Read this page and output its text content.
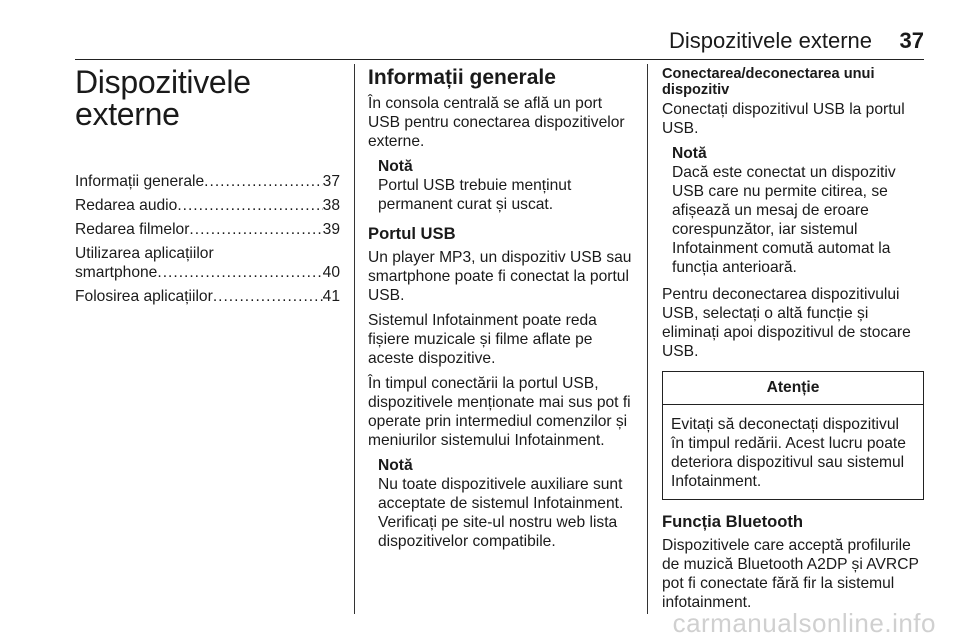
Dispozitivele externe 37
Dispozitivele
externe
Informații generale .....	37
Redarea audio .....	38
Redarea filmelor .....	39
Utilizarea aplicațiilor
smartphone .....	40
Folosirea aplicațiilor .....	41
Informații generale

În consola centrală se află un port USB pentru conectarea dispozitivelor externe.

Notă
Portul USB trebuie menținut permanent curat și uscat.
Portul USB

Un player MP3, un dispozitiv USB sau smartphone poate fi conectat la portul USB.

Sistemul Infotainment poate reda fișiere muzicale și filme aflate pe aceste dispozitive.

În timpul conectării la portul USB, dispozitivele menționate mai sus pot fi operate prin intermediul comenzilor și meniurilor sistemului Infotainment.

Notă
Nu toate dispozitivele auxiliare sunt acceptate de sistemul Infotainment. Verificați pe site-ul nostru web lista dispozitivelor compatibile.
Conectarea/deconectarea unui dispozitiv

Conectați dispozitivul USB la portul USB.

Notă
Dacă este conectat un dispozitiv USB care nu permite citirea, se afișează un mesaj de eroare corespunzător, iar sistemul Infotainment comută automat la funcția anterioară.

Pentru deconectarea dispozitivului USB, selectați o altă funcție și eliminați apoi dispozitivul de stocare USB.

Atenție
Evitați să deconectați dispozitivul în timpul redării. Acest lucru poate deteriora dispozitivul sau sistemul Infotainment.
Funcția Bluetooth

Dispozitivele care acceptă profilurile de muzică Bluetooth A2DP și AVRCP pot fi conectate fără fir la sistemul infotainment.

carmanualsonline.info
